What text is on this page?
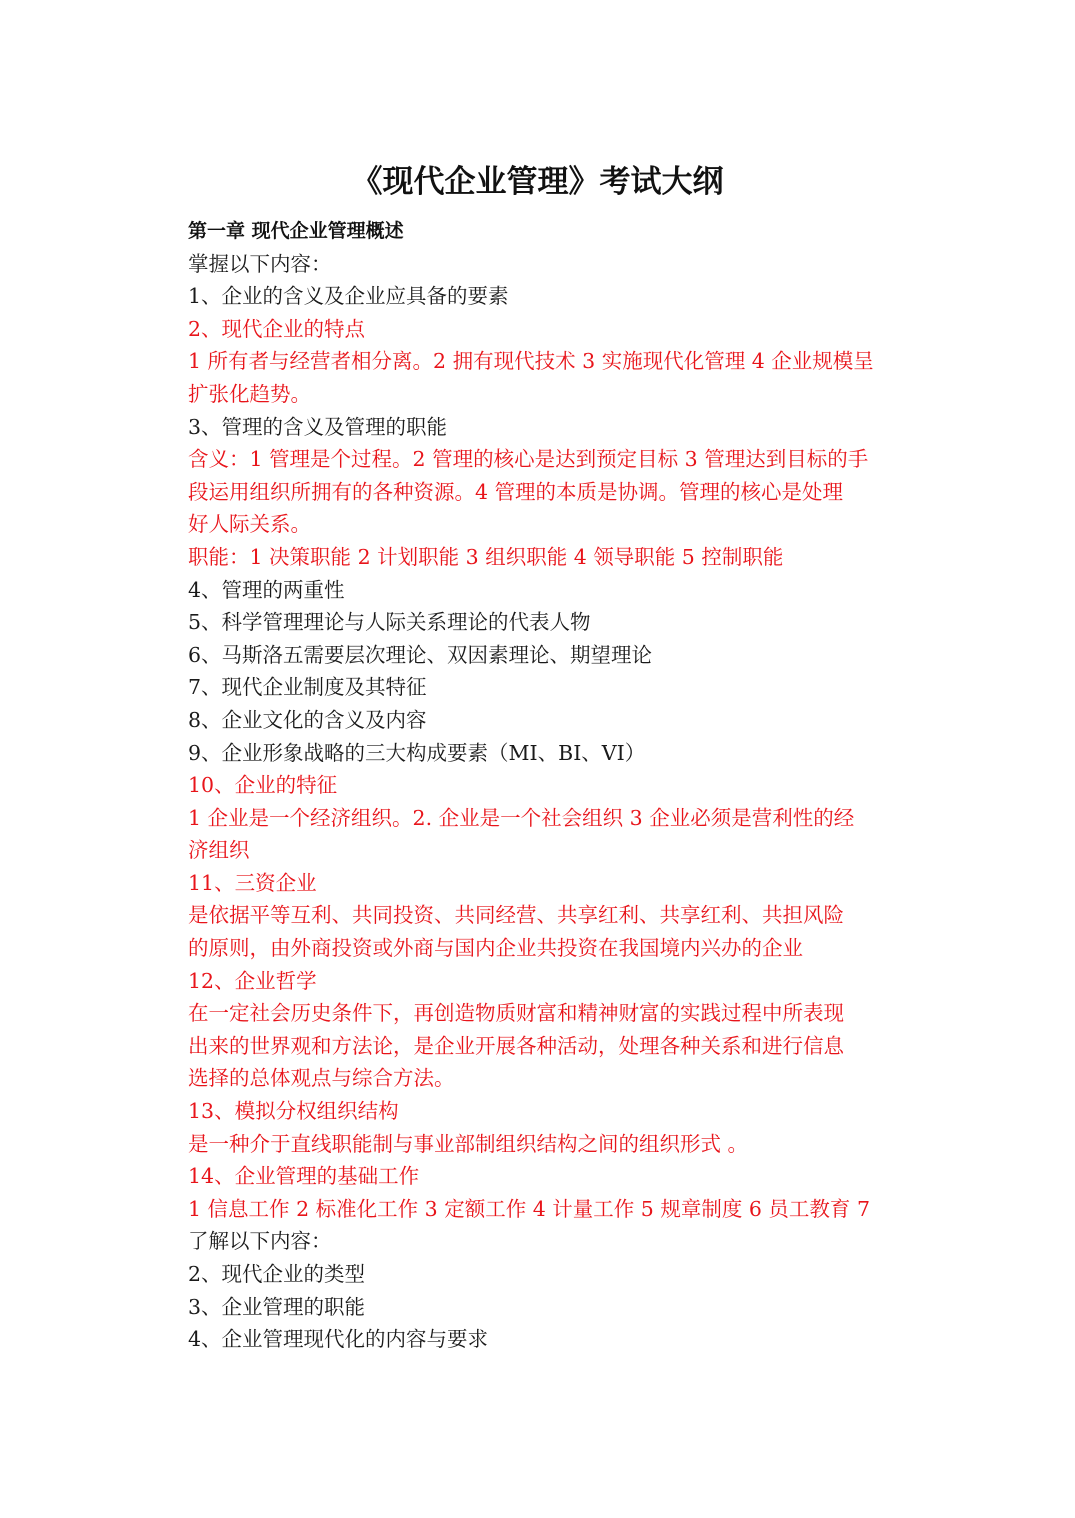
《现代企业管理》考试大纲
第一章 现代企业管理概述
掌握以下内容：
1、企业的含义及企业应具备的要素
2、现代企业的特点
1 所有者与经营者相分离。2 拥有现代技术 3 实施现代化管理 4 企业规模呈
扩张化趋势。
3、管理的含义及管理的职能
含义：1 管理是个过程。2 管理的核心是达到预定目标 3 管理达到目标的手
段运用组织所拥有的各种资源。4 管理的本质是协调。管理的核心是处理
好人际关系。
职能：1 决策职能 2 计划职能 3 组织职能 4 领导职能 5 控制职能
4、管理的两重性
5、科学管理理论与人际关系理论的代表人物
6、马斯洛五需要层次理论、双因素理论、期望理论
7、现代企业制度及其特征
8、企业文化的含义及内容
9、企业形象战略的三大构成要素（MI、BI、VI）
10、企业的特征
1 企业是一个经济组织。2. 企业是一个社会组织 3 企业必须是营利性的经
济组织
11、三资企业
是依据平等互利、共同投资、共同经营、共享红利、共享红利、共担风险
的原则，由外商投资或外商与国内企业共投资在我国境内兴办的企业
12、企业哲学
在一定社会历史条件下，再创造物质财富和精神财富的实践过程中所表现
出来的世界观和方法论，是企业开展各种活动，处理各种关系和进行信息
选择的总体观点与综合方法。
13、模拟分权组织结构
是一种介于直线职能制与事业部制组织结构之间的组织形式 。
14、企业管理的基础工作
1 信息工作 2 标准化工作 3 定额工作 4 计量工作 5 规章制度 6 员工教育 7
了解以下内容：
2、现代企业的类型
3、企业管理的职能
4、企业管理现代化的内容与要求
